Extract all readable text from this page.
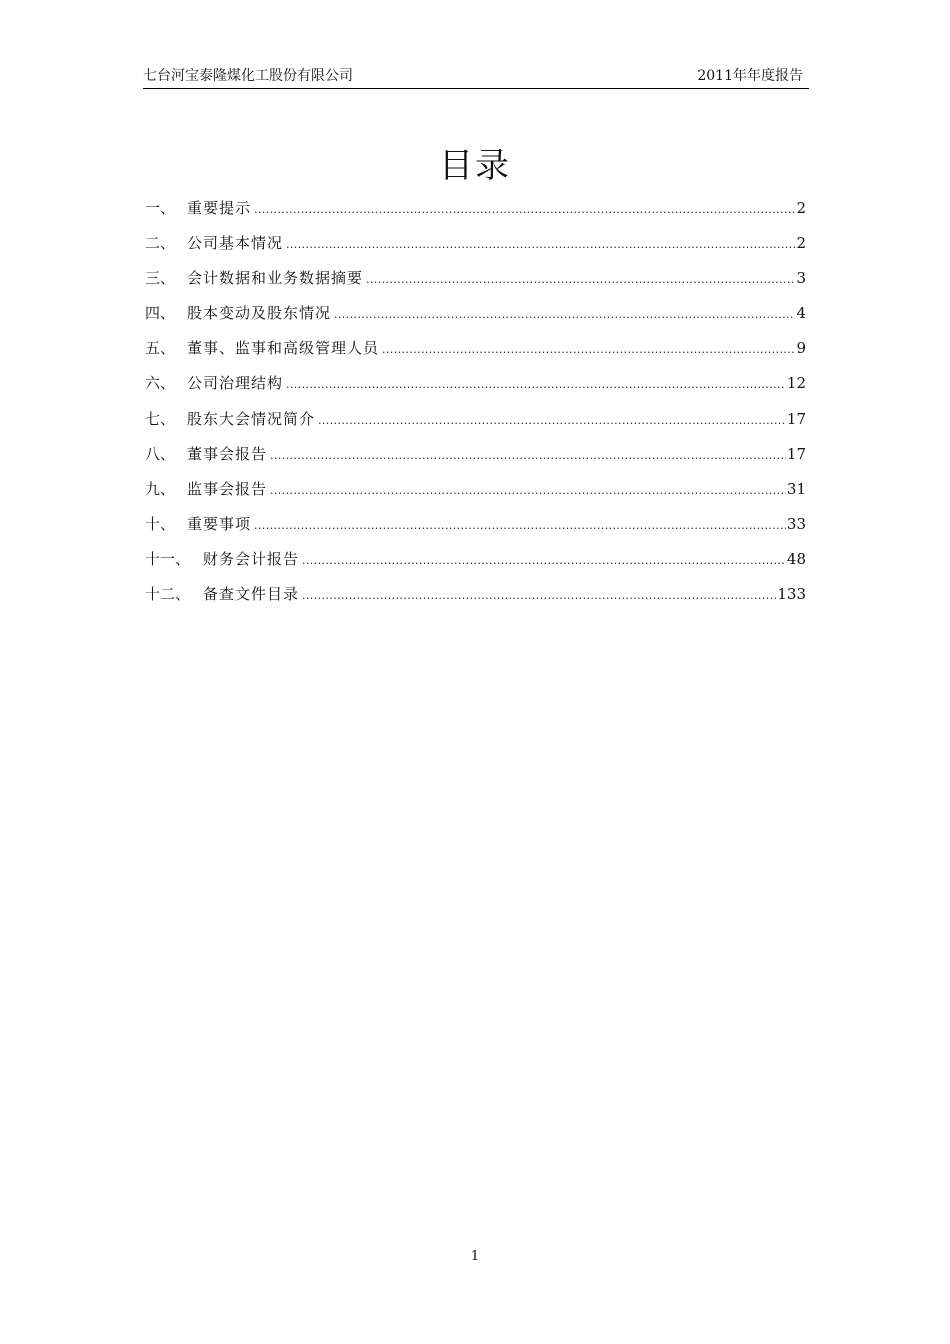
七台河宝泰隆煤化工股份有限公司	2011年年度报告
目录
一、 重要提示 .....	2
二、 公司基本情况 .....	2
三、 会计数据和业务数据摘要 .....	3
四、 股本变动及股东情况 .....	4
五、 董事、监事和高级管理人员 .....	9
六、 公司治理结构 .....	12
七、 股东大会情况简介 .....	17
八、 董事会报告 .....	17
九、 监事会报告 .....	31
十、 重要事项 .....	33
十一、 财务会计报告 .....	48
十二、 备查文件目录 .....	133
1
